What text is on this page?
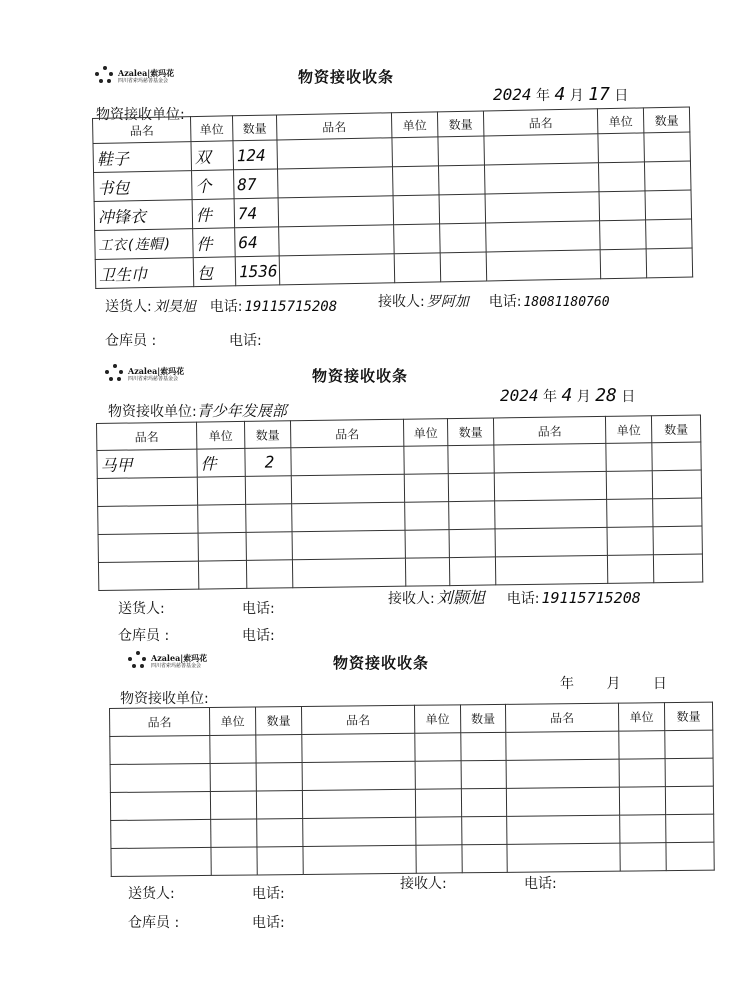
Azalea|索玛花
四川省索玛慈善基金会	物资接收收条
2024 年 4 月 17 日
物资接收单位:
品名	单位	数量	品名	单位	数量	品名	单位	数量
鞋子	双	124						
书包	个	87						
冲锋衣	件	74						
工衣(连帽)	件	64						
卫生巾	包	1536						
送货人: 刘昊旭	电话: 19115715208	接收人: 罗阿加	电话: 18081180760
仓库员 :	电话:
Azalea|索玛花
四川省索玛慈善基金会	物资接收收条
2024 年 4 月 28 日
物资接收单位:青少年发展部
品名	单位	数量	品名	单位	数量	品名	单位	数量
马甲	件	2						

送货人:	电话:
接收人: 刘颢旭	电话: 19115715208
仓库员 :	电话:
Azalea|索玛花
四川省索玛慈善基金会	物资接收收条
年 月 日
物资接收单位:
品名	单位	数量	品名	单位	数量	品名	单位	数量

送货人:	电话:
接收人:	电话:
仓库员 :	电话:
